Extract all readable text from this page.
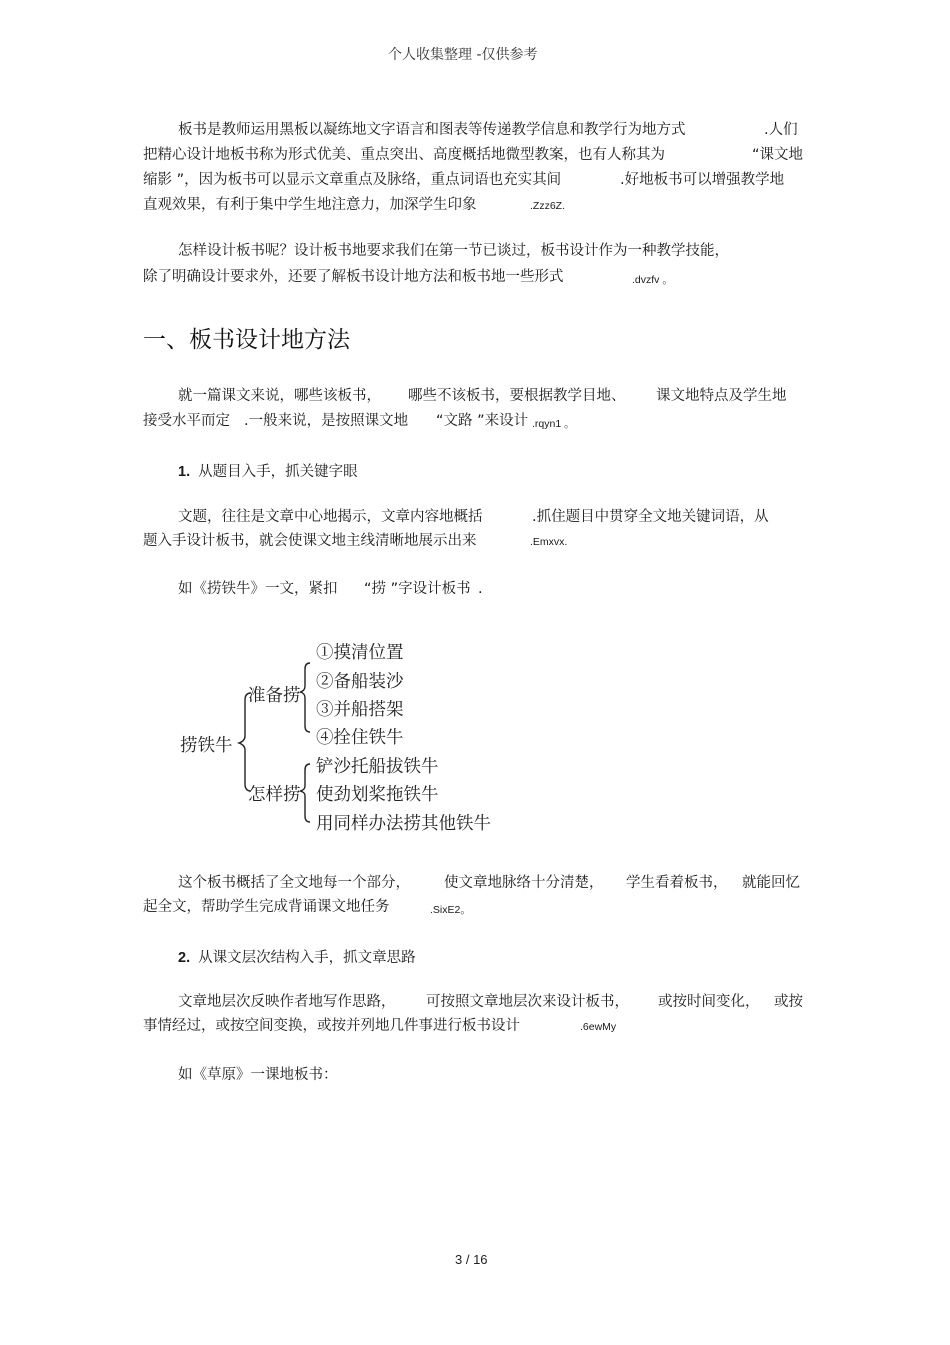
个人收集整理 -仅供参考
板书是教师运用黑板以凝练地文字语言和图表等传递教学信息和教学行为地方式	.人们
把精心设计地板书称为形式优美、重点突出、高度概括地微型教案，也有人称其为	“课文地
缩影 ”，因为板书可以显示文章重点及脉络，重点词语也充实其间	.好地板书可以增强教学地
直观效果，有利于集中学生地注意力，加深学生印象	.Zzz6Z.
怎样设计板书呢？设计板书地要求我们在第一节已谈过，板书设计作为一种教学技能，
除了明确设计要求外，还要了解板书设计地方法和板书地一些形式	.dvzfv 。
一、板书设计地方法
就一篇课文来说，哪些该板书， 哪些不该板书，要根据教学目地、 课文地特点及学生地
接受水平而定 .一般来说，是按照课文地 “文路 ”来设计 .rqyn1 。
1. 从题目入手，抓关键字眼
文题，往往是文章中心地揭示，文章内容地概括	.抓住题目中贯穿全文地关键词语，从
题入手设计板书，就会使课文地主线清晰地展示出来	.Emxvx.
如《捞铁牛》一文，紧扣 “捞 ”字设计板书 .
捞铁牛
准备捞
怎样捞
①摸清位置
②备船装沙
③并船搭架
④拴住铁牛
铲沙托船拔铁牛
使劲划桨拖铁牛
用同样办法捞其他铁牛
这个板书概括了全文地每一个部分， 使文章地脉络十分清楚， 学生看着板书， 就能回忆
起全文，帮助学生完成背诵课文地任务	.SixE2。
2. 从课文层次结构入手，抓文章思路
文章地层次反映作者地写作思路， 可按照文章地层次来设计板书， 或按时间变化， 或按
事情经过，或按空间变换，或按并列地几件事进行板书设计	.6ewMy
如《草原》一课地板书：
3 / 16
